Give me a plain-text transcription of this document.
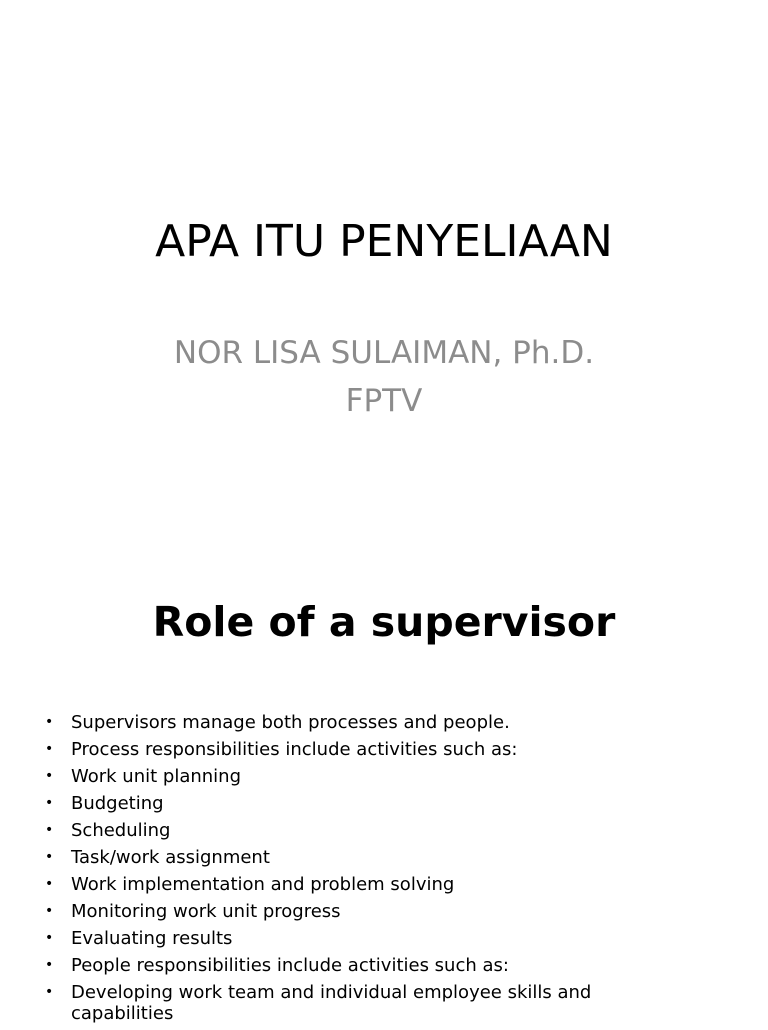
APA ITU PENYELIAAN
NOR LISA SULAIMAN, Ph.D.
FPTV
Role of a supervisor
• Supervisors manage both processes and people.
• Process responsibilities include activities such as:
• Work unit planning
• Budgeting
• Scheduling
• Task/work assignment
• Work implementation and problem solving
• Monitoring work unit progress
• Evaluating results
• People responsibilities include activities such as:
• Developing work team and individual employee skills and capabilities
